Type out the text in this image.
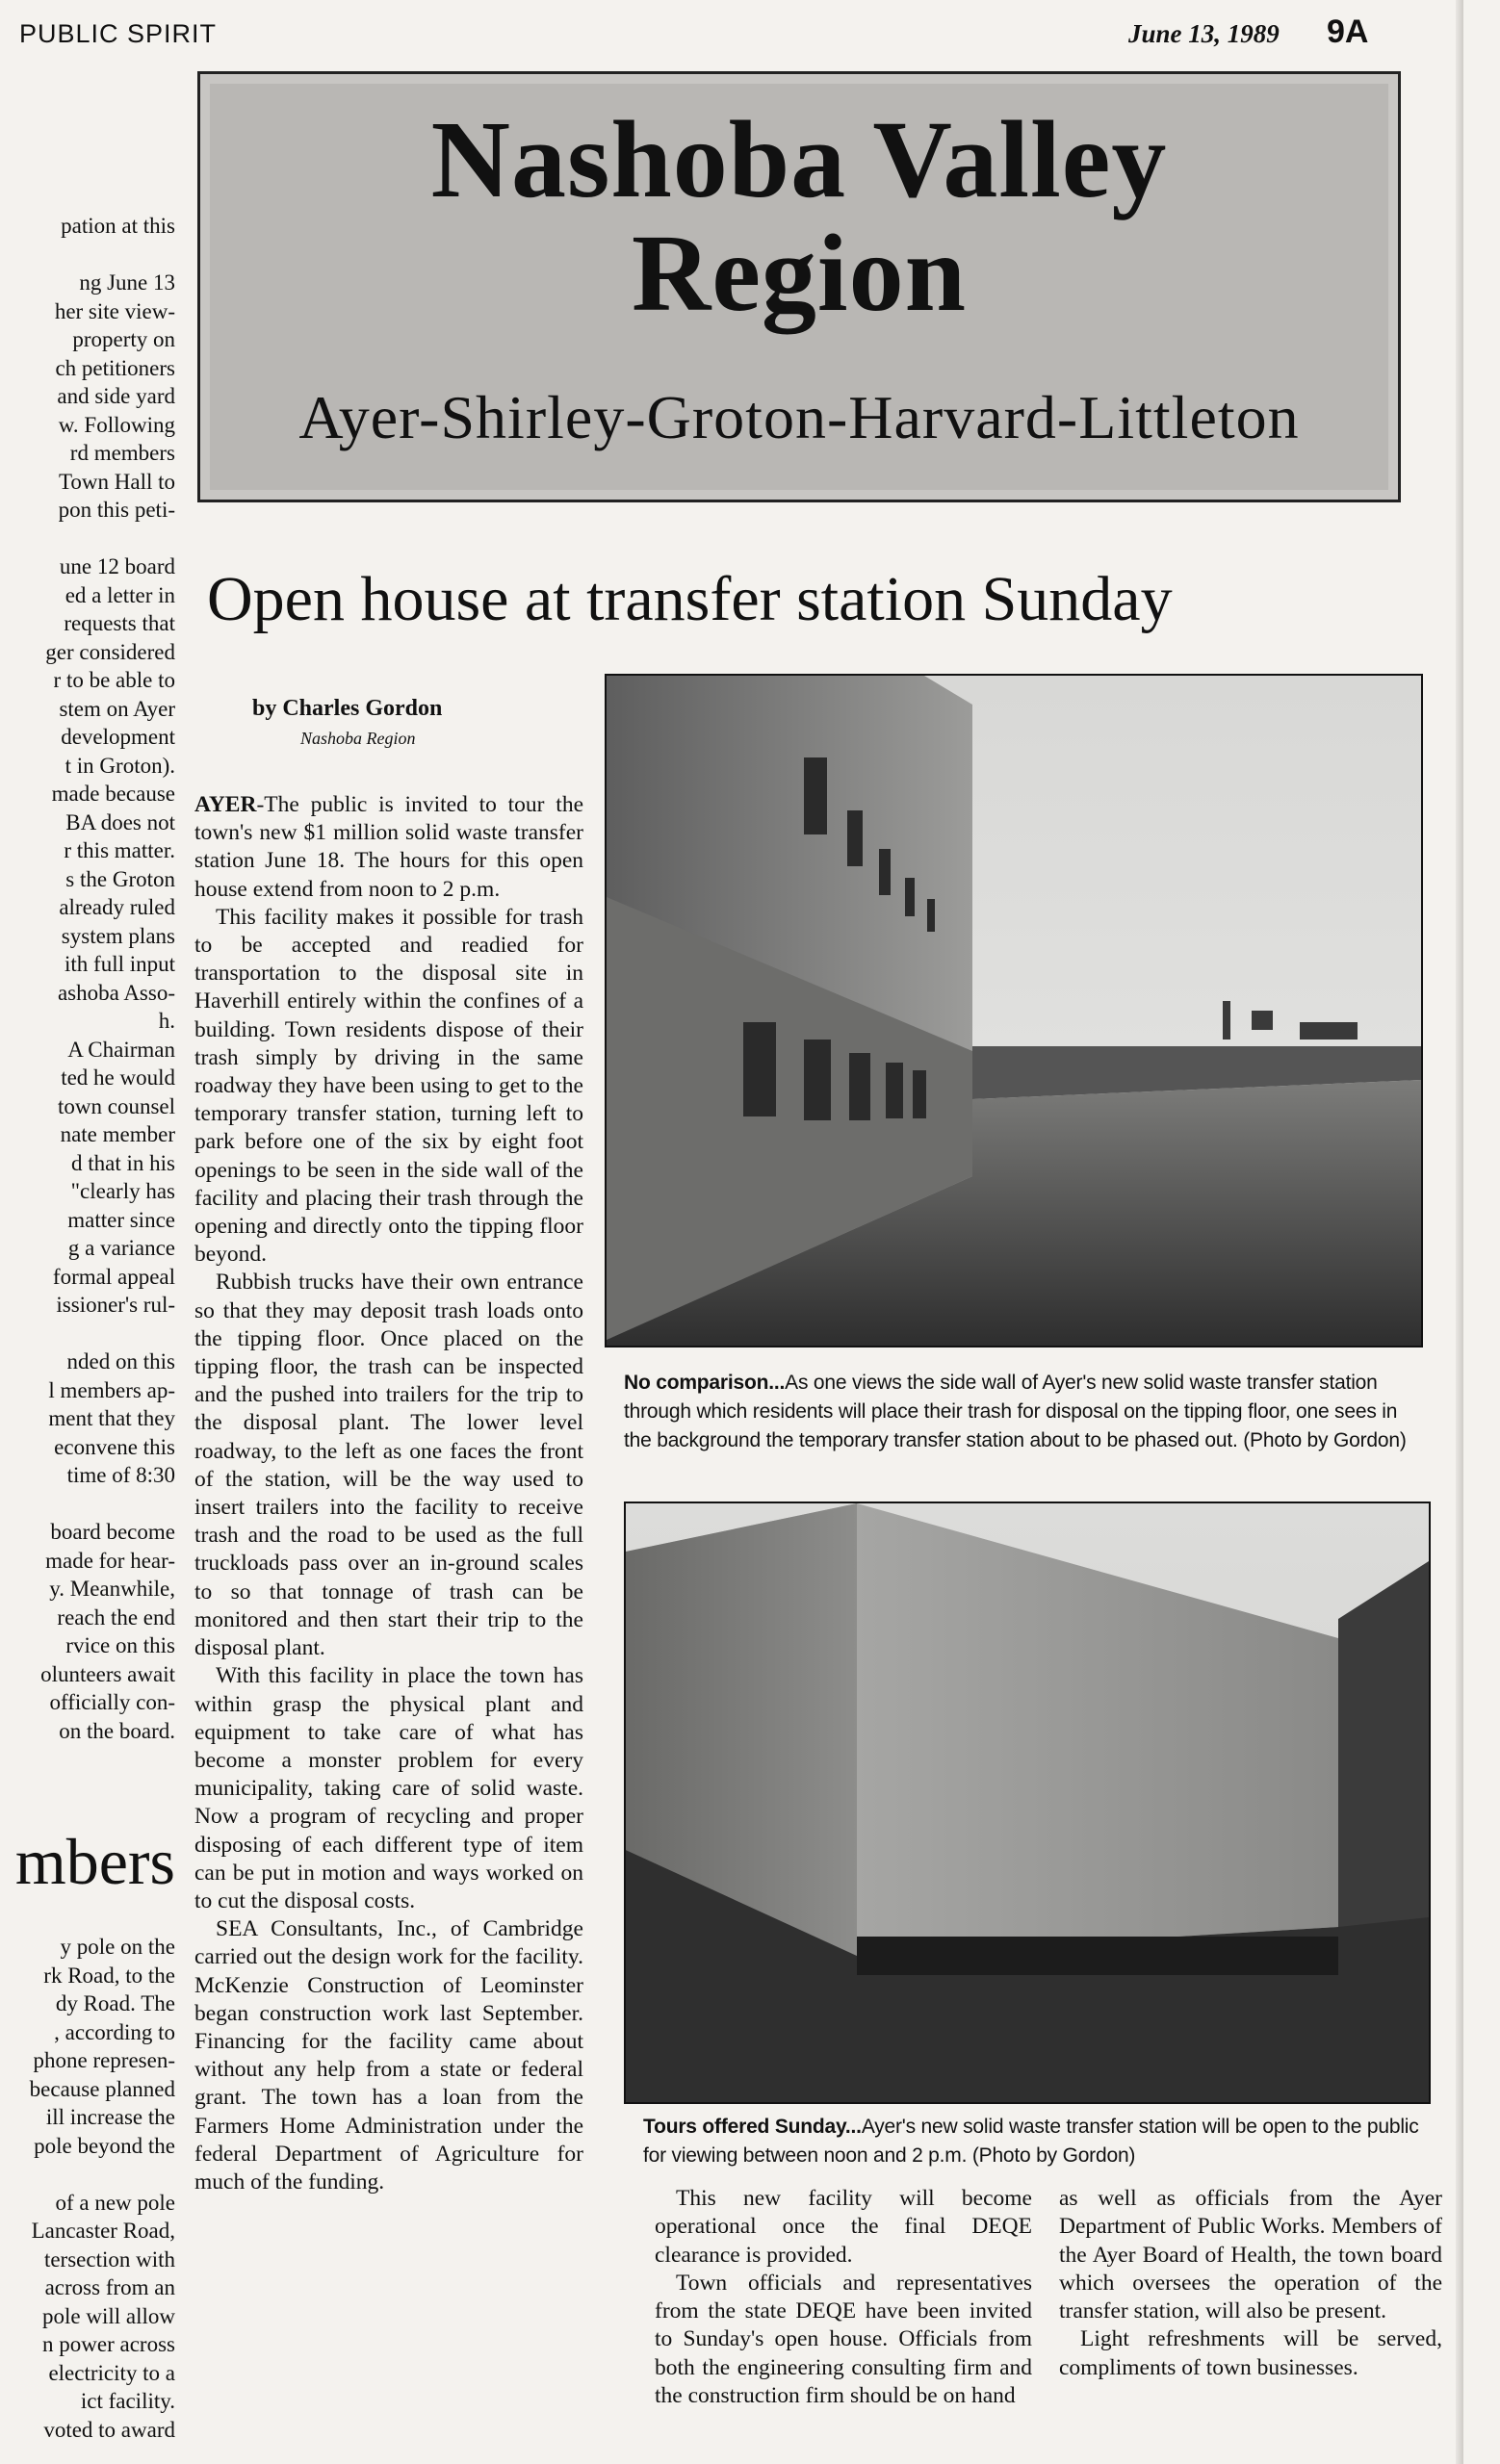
PUBLIC SPIRIT	June 13, 1989 9A
Nashoba Valley
Region
Ayer-Shirley-Groton-Harvard-Littleton
pation at this
ng June 13
her site view-
property on
ch petitioners
and side yard
w. Following
rd members
Town Hall to
pon this peti-
une 12 board
ed a letter in
requests that
ger considered
r to be able to
stem on Ayer
development
t in Groton).
made because
BA does not
r this matter.
s the Groton
already ruled
system plans
ith full input
ashoba Asso-
h.
A Chairman
ted he would
town counsel
nate member
d that in his
"clearly has
matter since
g a variance
formal appeal
issioner's rul-
nded on this
l members ap-
ment that they
econvene this
time of 8:30
board become
made for hear-
y. Meanwhile,
reach the end
rvice on this
olunteers await
officially con-
on the board.
mbers
y pole on the
rk Road, to the
dy Road. The
, according to
phone represen-
because planned
ill increase the
pole beyond the
of a new pole
Lancaster Road,
tersection with
across from an
pole will allow
n power across
electricity to a
ict facility.
voted to award
Open house at transfer station Sunday
by Charles Gordon
Nashoba Region

AYER-The public is invited to tour the town's new $1 million solid waste transfer station June 18. The hours for this open house extend from noon to 2 p.m.

This facility makes it possible for trash to be accepted and readied for transportation to the disposal site in Haverhill entirely within the confines of a building. Town residents dispose of their trash simply by driving in the same roadway they have been using to get to the temporary transfer station, turning left to park before one of the six by eight foot openings to be seen in the side wall of the facility and placing their trash through the opening and directly onto the tipping floor beyond.

Rubbish trucks have their own entrance so that they may deposit trash loads onto the tipping floor. Once placed on the tipping floor, the trash can be inspected and the pushed into trailers for the trip to the disposal plant. The lower level roadway, to the left as one faces the front of the station, will be the way used to insert trailers into the facility to receive trash and the road to be used as the full truckloads pass over an in-ground scales to so that tonnage of trash can be monitored and then start their trip to the disposal plant.

With this facility in place the town has within grasp the physical plant and equipment to take care of what has become a monster problem for every municipality, taking care of solid waste. Now a program of recycling and proper disposing of each different type of item can be put in motion and ways worked on to cut the disposal costs.

SEA Consultants, Inc., of Cambridge carried out the design work for the facility. McKenzie Construction of Leominster began construction work last September. Financing for the facility came about without any help from a state or federal grant. The town has a loan from the Farmers Home Administration under the federal Department of Agriculture for much of the funding.

No comparison...As one views the side wall of Ayer's new solid waste transfer station through which residents will place their trash for disposal on the tipping floor, one sees in the background the temporary transfer station about to be phased out. (Photo by Gordon)
Tours offered Sunday...Ayer's new solid waste transfer station will be open to the public for viewing between noon and 2 p.m. (Photo by Gordon)

This new facility will become operational once the final DEQE clearance is provided.

Town officials and representatives from the state DEQE have been invited to Sunday's open house. Officials from both the engineering consulting firm and the construction firm should be on hand

as well as officials from the Ayer Department of Public Works. Members of the Ayer Board of Health, the town board which oversees the operation of the transfer station, will also be present.

Light refreshments will be served, compliments of town businesses.
